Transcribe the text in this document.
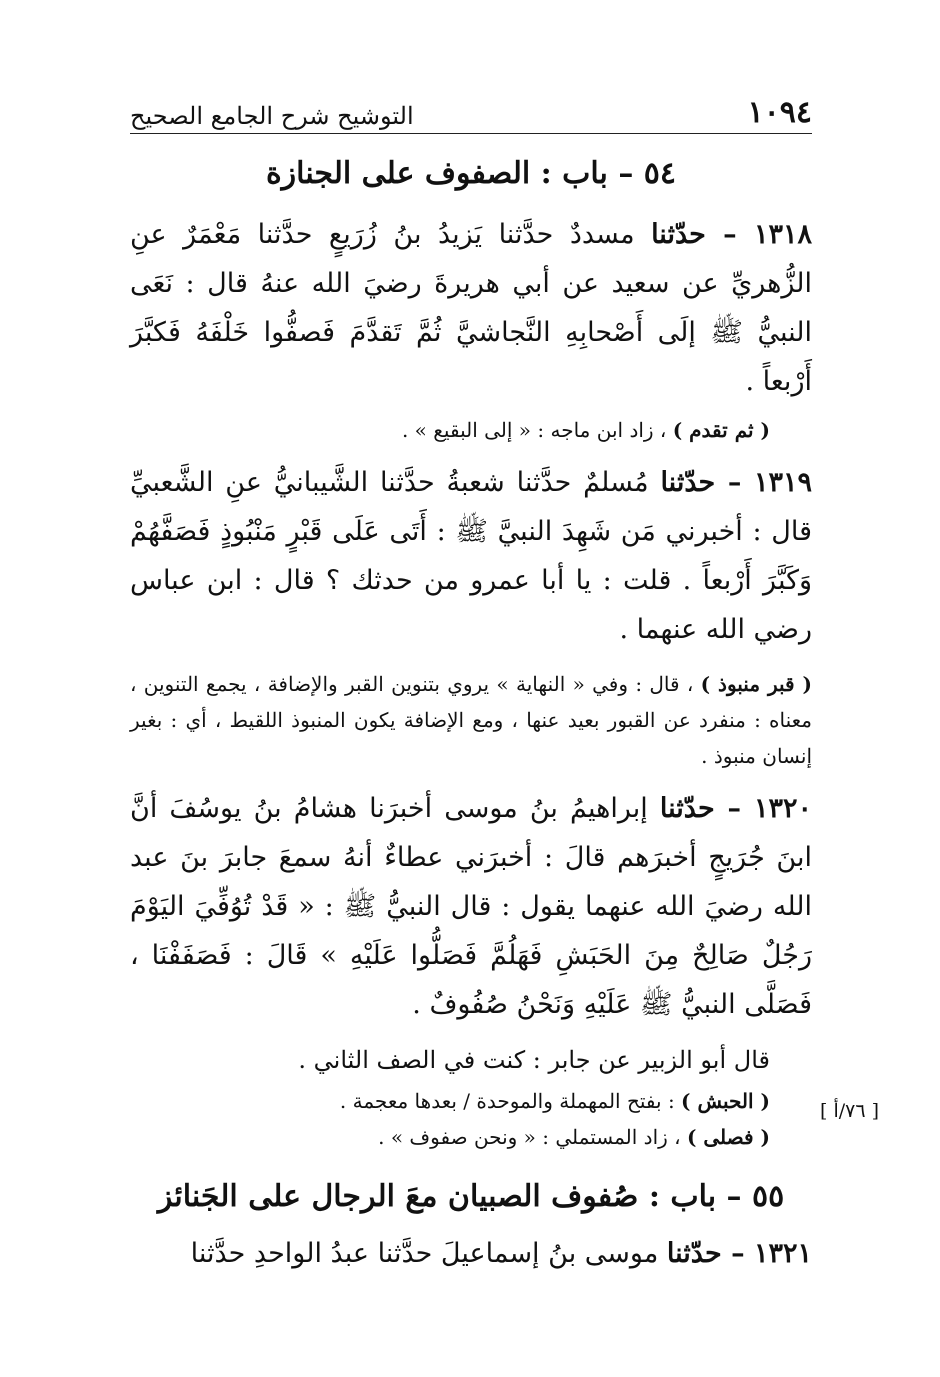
١٠٩٤
التوشيح شرح الجامع الصحيح
٥٤ – باب : الصفوف على الجنازة

١٣١٨ – حدّثنا مسددٌ حدَّثنا يَزيدُ بنُ زُرَيعٍ حدَّثنا مَعْمَرٌ عنِ الزُّهريِّ عن سعيد عن أبي هريرةَ رضيَ الله عنهُ قال : نَعَى النبيُّ ﷺ إلَى أَصْحابِهِ النَّجاشيَّ ثُمَّ تَقدَّمَ فَصفُّوا خَلْفَهُ فَكبَّرَ أَرْبعاً .

( ثم تقدم ) ، زاد ابن ماجه : « إلى البقيع » .

١٣١٩ – حدّثنا مُسلمٌ حدَّثنا شعبةُ حدَّثنا الشَّيبانيُّ عنِ الشَّعبيِّ قال : أخبرني مَن شَهِدَ النبيَّ ﷺ : أَتَى عَلَى قَبْرٍ مَنْبُوذٍ فَصَفَّهُمْ وَكَبَّرَ أَرْبعاً . قلت : يا أبا عمرو من حدثك ؟ قال : ابن عباس رضي الله عنهما .

( قبر منبوذ ) ، قال : وفي « النهاية » يروي بتنوين القبر والإضافة ، يجمع التنوين ، معناه : منفرد عن القبور بعيد عنها ، ومع الإضافة يكون المنبوذ اللقيط ، أي : بغير إنسان منبوذ .

١٣٢٠ – حدّثنا إبراهيمُ بنُ موسى أخبرَنا هشامُ بنُ يوسُفَ أنَّ ابنَ جُرَيجٍ أخبرَهم قالَ : أخبرَني عطاءٌ أنهُ سمعَ جابرَ بنَ عبد الله رضيَ الله عنهما يقول : قال النبيُّ ﷺ : « قَدْ تُوُفِّيَ اليَوْمَ رَجُلٌ صَالِحٌ مِنَ الحَبَشِ فَهَلُمَّ فَصَلُّوا عَلَيْهِ » قَالَ : فَصَفَفْنَا ، فَصَلَّى النبيُّ ﷺ عَلَيْهِ وَنَحْنُ صُفُوفٌ .

قال أبو الزبير عن جابر : كنت في الصف الثاني .

( الحبش ) : بفتح المهملة والموحدة / بعدها معجمة .

( فصلى ) ، زاد المستملي : « ونحن صفوف » .

٥٥ – باب : صُفوف الصبيان معَ الرجال على الجَنائز

١٣٢١ – حدّثنا موسى بنُ إسماعيلَ حدَّثنا عبدُ الواحدِ حدَّثنا

[ ٧٦/أ ]
